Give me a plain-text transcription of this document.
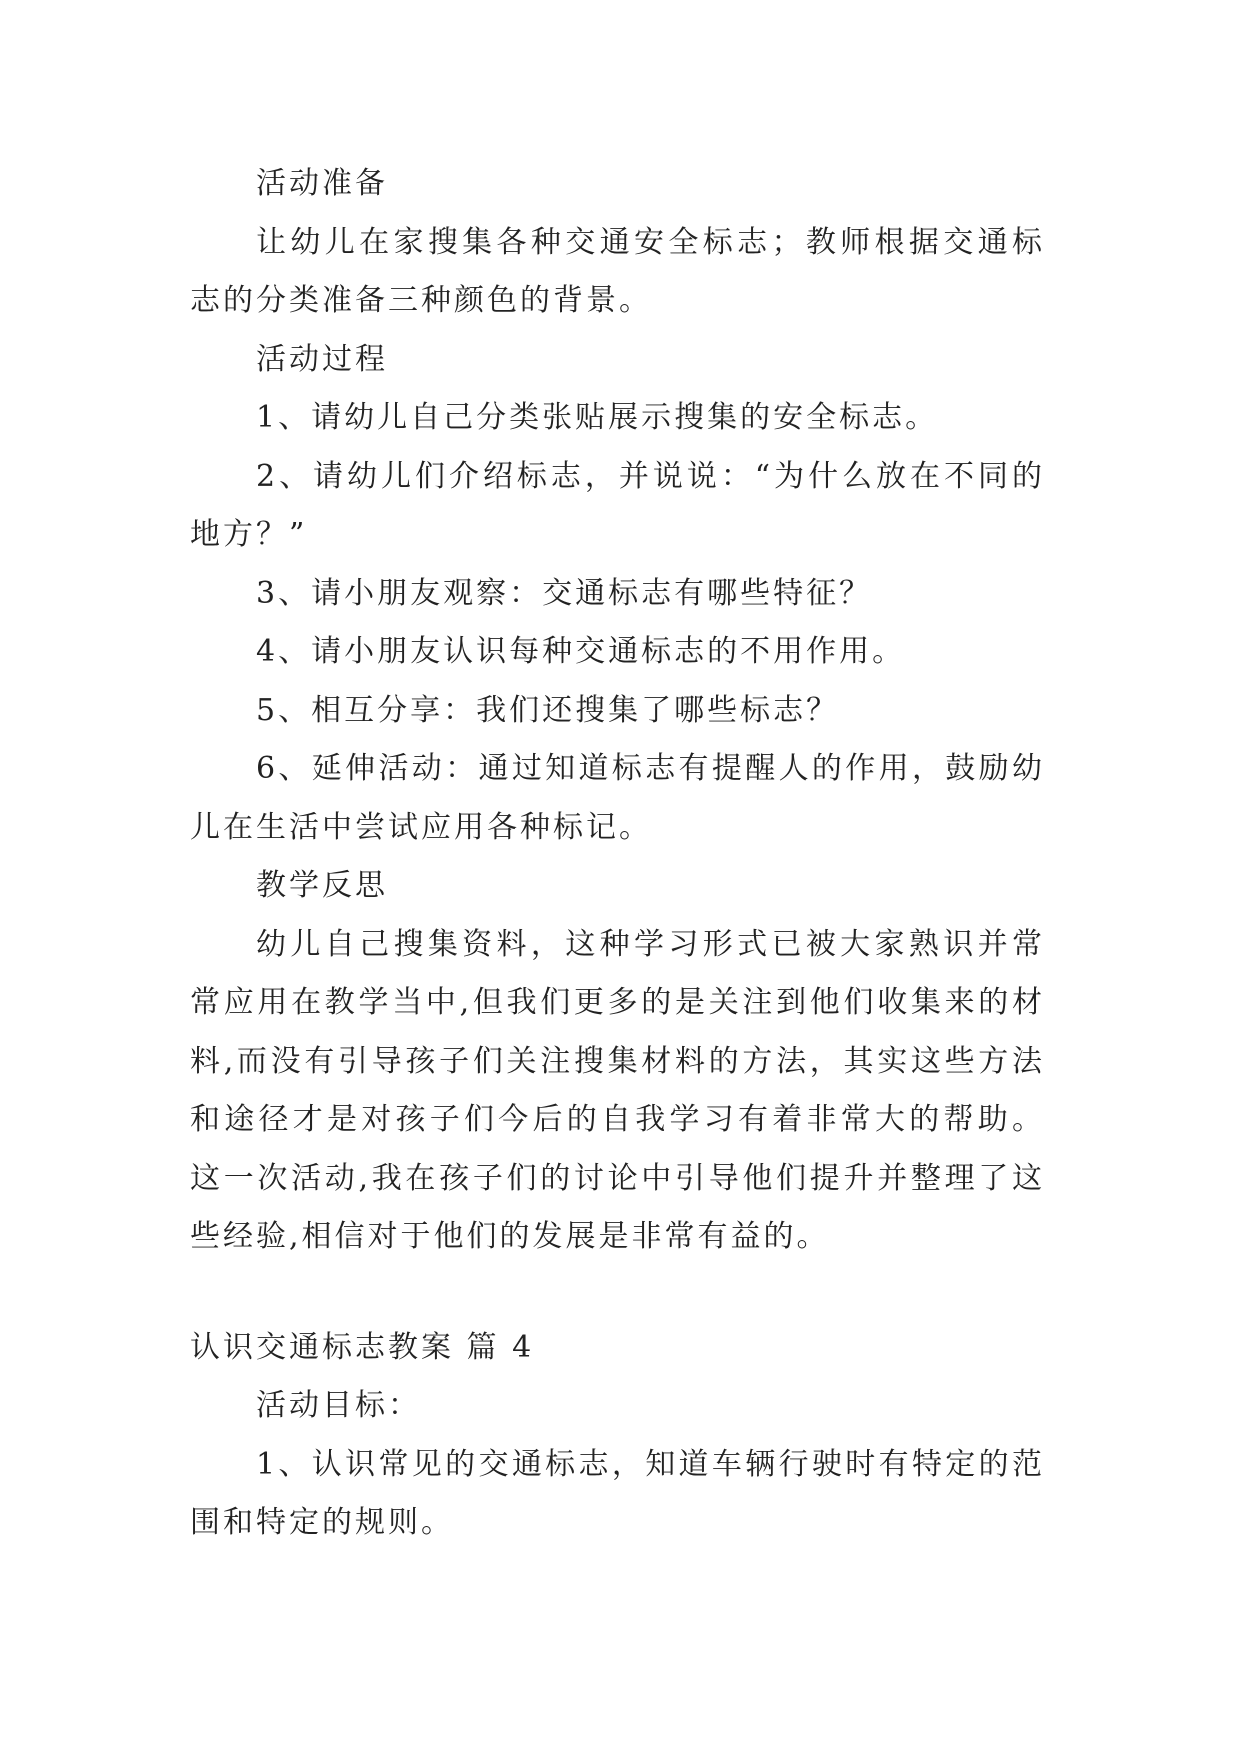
活动准备

让幼儿在家搜集各种交通安全标志；教师根据交通标志的分类准备三种颜色的背景。

活动过程

1、请幼儿自己分类张贴展示搜集的安全标志。

2、请幼儿们介绍标志，并说说：“为什么放在不同的地方？”

3、请小朋友观察：交通标志有哪些特征？

4、请小朋友认识每种交通标志的不用作用。

5、相互分享：我们还搜集了哪些标志？

6、延伸活动：通过知道标志有提醒人的作用，鼓励幼儿在生活中尝试应用各种标记。

教学反思

幼儿自己搜集资料，这种学习形式已被大家熟识并常常应用在教学当中,但我们更多的是关注到他们收集来的材料,而没有引导孩子们关注搜集材料的方法，其实这些方法和途径才是对孩子们今后的自我学习有着非常大的帮助。这一次活动,我在孩子们的讨论中引导他们提升并整理了这些经验,相信对于他们的发展是非常有益的。

认识交通标志教案 篇 4

活动目标：

1、认识常见的交通标志，知道车辆行驶时有特定的范围和特定的规则。
